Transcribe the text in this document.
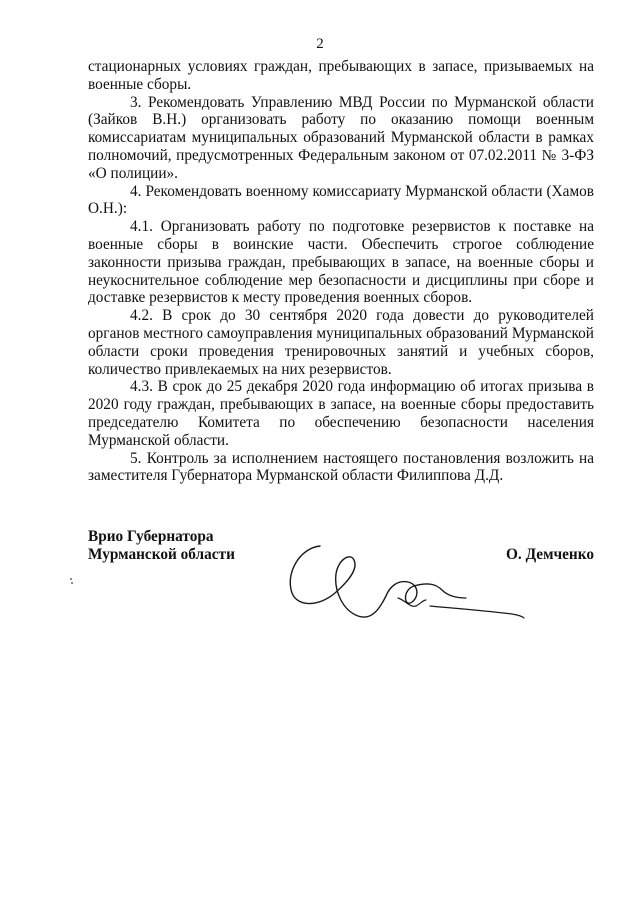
2

стационарных условиях граждан, пребывающих в запасе, призываемых на военные сборы.

3. Рекомендовать Управлению МВД России по Мурманской области (Зайков В.Н.) организовать работу по оказанию помощи военным комиссариатам муниципальных образований Мурманской области в рамках полномочий, предусмотренных Федеральным законом от 07.02.2011 № 3-ФЗ «О полиции».

4. Рекомендовать военному комиссариату Мурманской области (Хамов О.Н.):

4.1. Организовать работу по подготовке резервистов к поставке на военные сборы в воинские части. Обеспечить строгое соблюдение законности призыва граждан, пребывающих в запасе, на военные сборы и неукоснительное соблюдение мер безопасности и дисциплины при сборе и доставке резервистов к месту проведения военных сборов.

4.2. В срок до 30 сентября 2020 года довести до руководителей органов местного самоуправления муниципальных образований Мурманской области сроки проведения тренировочных занятий и учебных сборов, количество привлекаемых на них резервистов.

4.3. В срок до 25 декабря 2020 года информацию об итогах призыва в 2020 году граждан, пребывающих в запасе, на военные сборы предоставить председателю Комитета по обеспечению безопасности населения Мурманской области.

5. Контроль за исполнением настоящего постановления возложить на заместителя Губернатора Мурманской области Филиппова Д.Д.

Врио Губернатора
Мурманской области	О. Демченко
